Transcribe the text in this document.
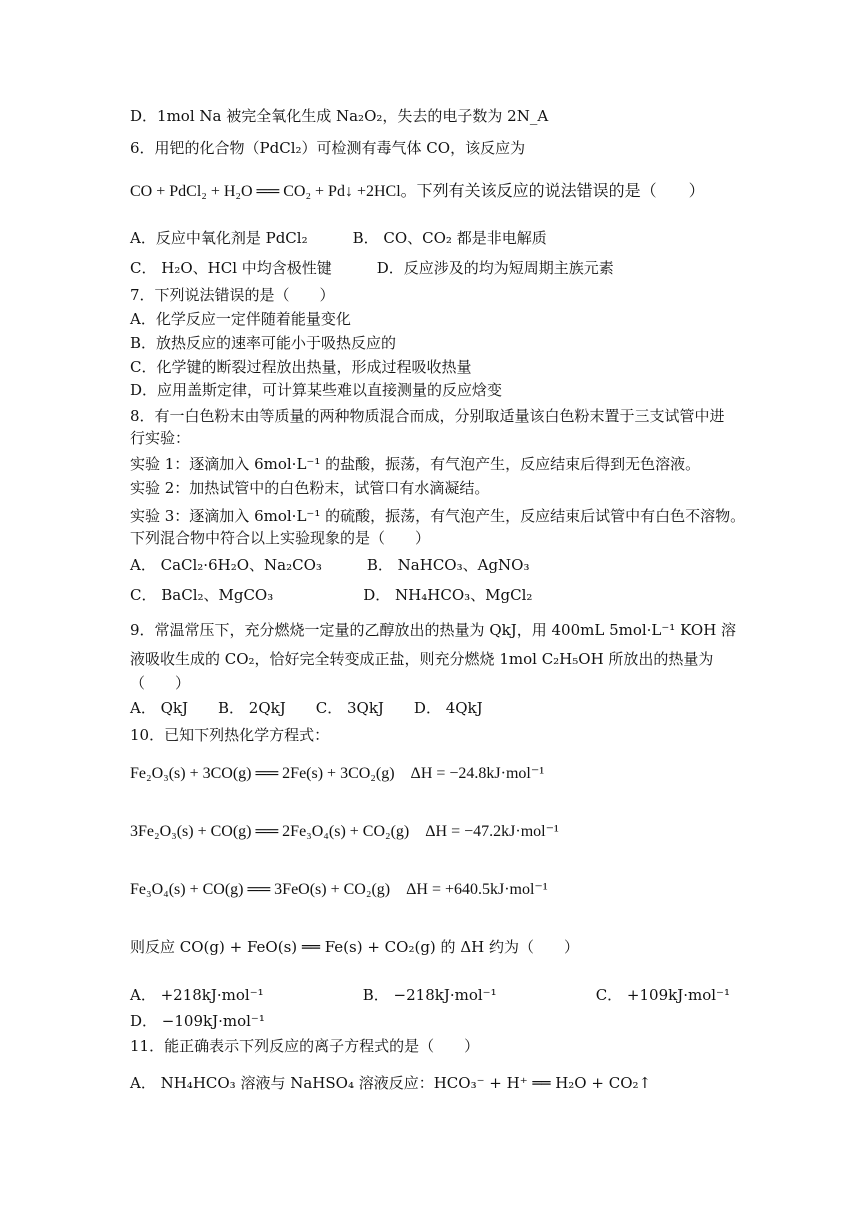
D．1mol Na 被完全氧化生成 Na₂O₂，失去的电子数为 2N_A
6．用钯的化合物（PdCl₂）可检测有毒气体 CO，该反应为
CO + PdCl₂ + H₂O ══ CO₂ + Pd↓ +2HCl。下列有关该反应的说法错误的是（　　）
A．反应中氧化剂是 PdCl₂　　　B． CO、CO₂ 都是非电解质
C． H₂O、HCl 中均含极性键　　　D．反应涉及的均为短周期主族元素
7．下列说法错误的是（　　）
A．化学反应一定伴随着能量变化
B．放热反应的速率可能小于吸热反应的
C．化学键的断裂过程放出热量，形成过程吸收热量
D．应用盖斯定律，可计算某些难以直接测量的反应焓变
8．有一白色粉末由等质量的两种物质混合而成，分别取适量该白色粉末置于三支试管中进
行实验：
实验 1：逐滴加入 6mol·L⁻¹ 的盐酸，振荡，有气泡产生，反应结束后得到无色溶液。
实验 2：加热试管中的白色粉末，试管口有水滴凝结。
实验 3：逐滴加入 6mol·L⁻¹ 的硫酸，振荡，有气泡产生，反应结束后试管中有白色不溶物。
下列混合物中符合以上实验现象的是（　　）
A． CaCl₂·6H₂O、Na₂CO₃　　　B． NaHCO₃、AgNO₃
C． BaCl₂、MgCO₃　　　　　　D． NH₄HCO₃、MgCl₂
9．常温常压下，充分燃烧一定量的乙醇放出的热量为 QkJ，用 400mL 5mol·L⁻¹ KOH 溶
液吸收生成的 CO₂，恰好完全转变成正盐，则充分燃烧 1mol C₂H₅OH 所放出的热量为
（　　）
A． QkJ　　B． 2QkJ　　C． 3QkJ　　D． 4QkJ
10．已知下列热化学方程式：
Fe₂O₃(s) + 3CO(g) ══ 2Fe(s) + 3CO₂(g)　ΔH = −24.8kJ·mol⁻¹
3Fe₂O₃(s) + CO(g) ══ 2Fe₃O₄(s) + CO₂(g)　ΔH = −47.2kJ·mol⁻¹
Fe₃O₄(s) + CO(g) ══ 3FeO(s) + CO₂(g)　ΔH = +640.5kJ·mol⁻¹
则反应 CO(g) + FeO(s) ══ Fe(s) + CO₂(g) 的 ΔH 约为（　　）
A． +218kJ·mol⁻¹	B． −218kJ·mol⁻¹	C． +109kJ·mol⁻¹
D． −109kJ·mol⁻¹
11．能正确表示下列反应的离子方程式的是（　　）
A． NH₄HCO₃ 溶液与 NaHSO₄ 溶液反应：HCO₃⁻ + H⁺ ══ H₂O + CO₂↑
